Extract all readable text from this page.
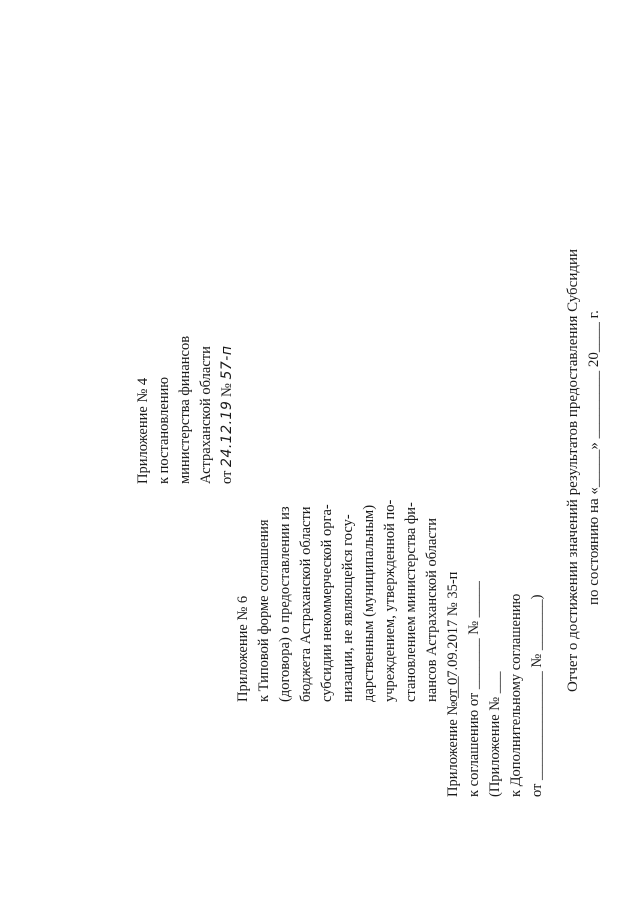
Приложение № 4 к постановлению министерства финансов Астраханской области от 24.12.19 № 57-п
Приложение № 6 к Типовой форме соглашения (договора) о предоставлении из бюджета Астраханской области субсидии некоммерческой орга- низации, не являющейся госу- дарственным (муниципальным) учреждением, утвержденной по- становлением министерства фи- нансов Астраханской области от 07.09.2017 № 35-п
Приложение № ___ к соглашению от _______ № _____ (Приложение № ___ к Дополнительному соглашению от _______________ № _______)
Отчет о достижении значений результатов предоставления Субсидии по состоянию на «_____» _________ 20____ г.
